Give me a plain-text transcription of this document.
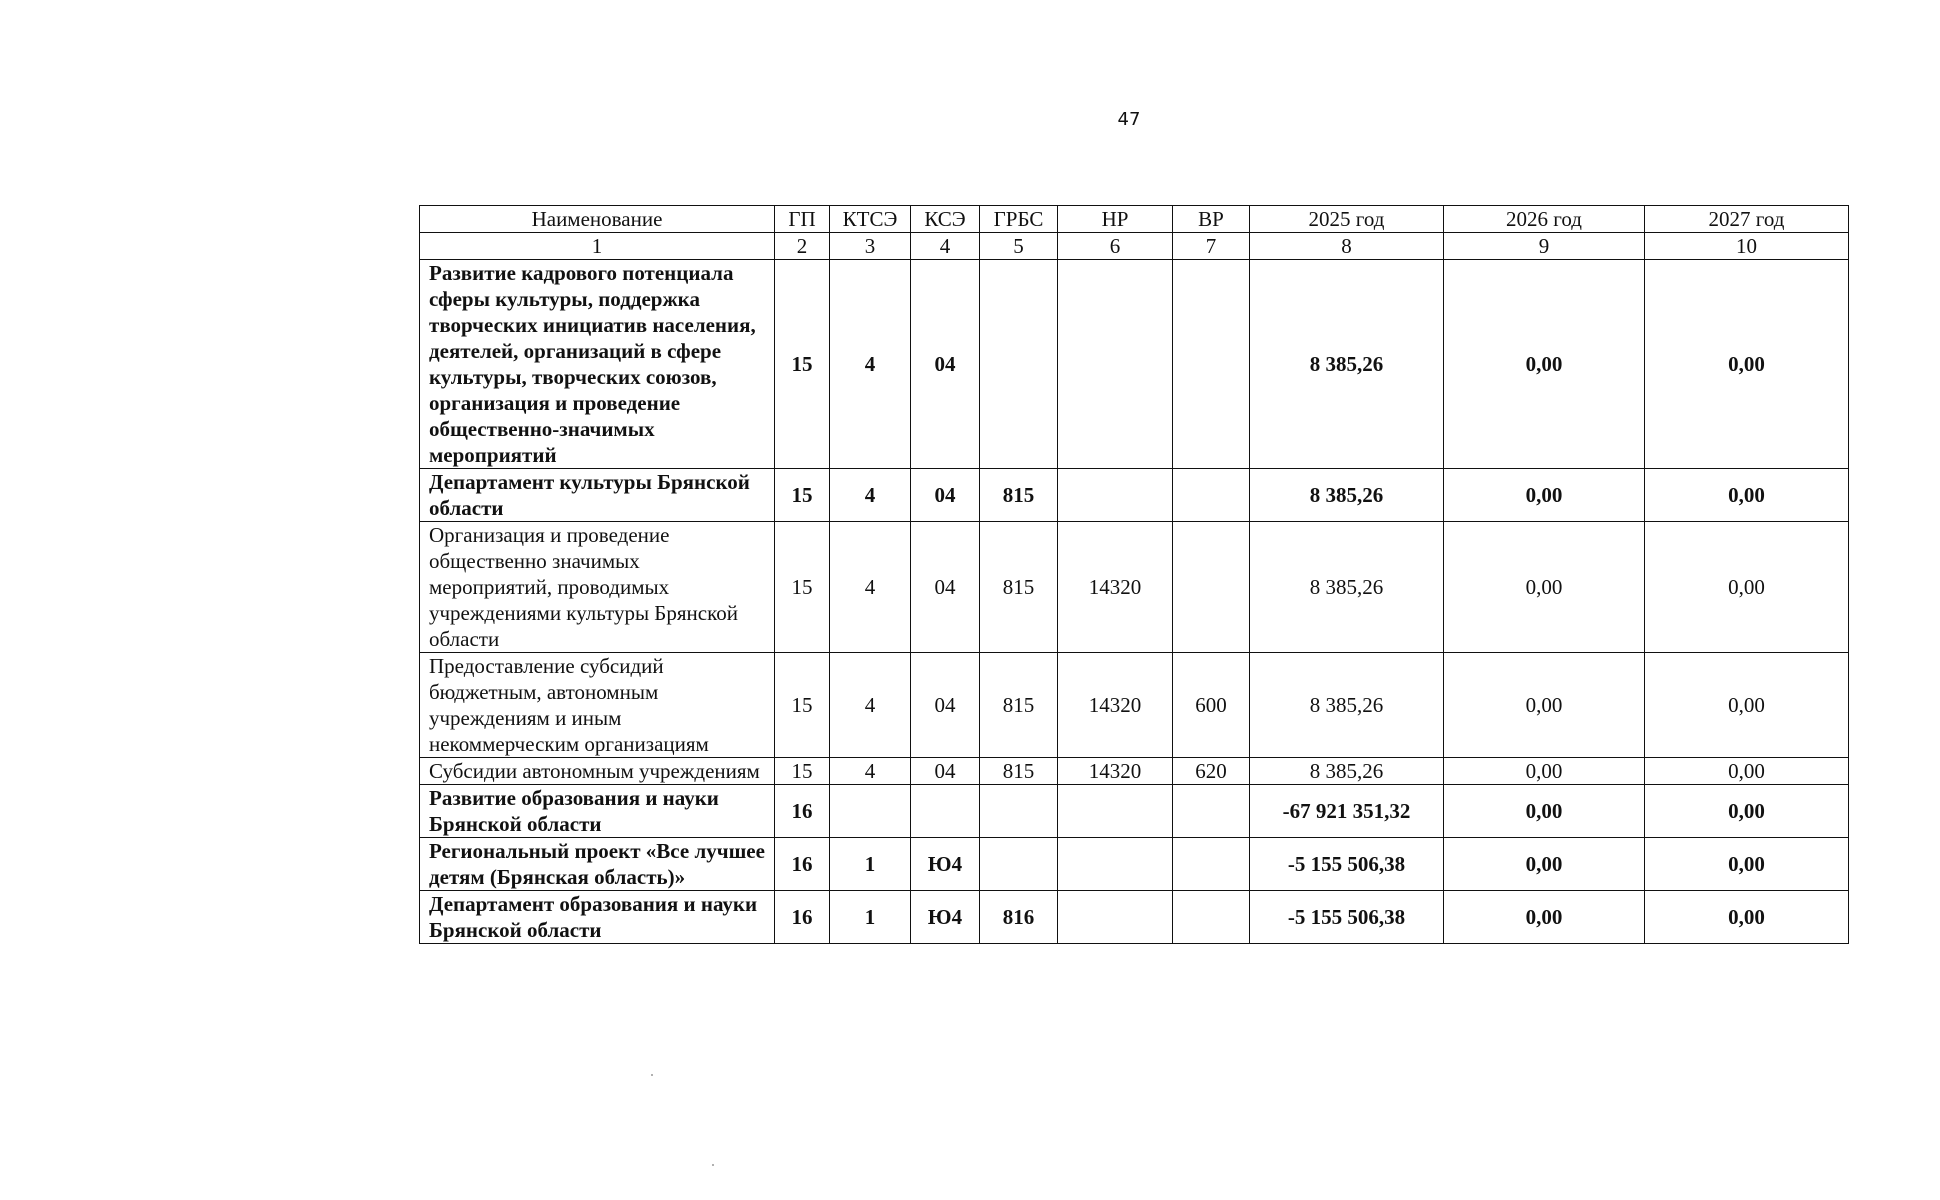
47
Наименование	ГП	КТСЭ	КСЭ	ГРБС	НР	ВР	2025 год	2026 год	2027 год
1	2	3	4	5	6	7	8	9	10
Развитие кадрового потенциала сферы культуры, поддержка творческих инициатив населения, деятелей, организаций в сфере культуры, творческих союзов, организация и проведение общественно-значимых мероприятий	15	4	04				8 385,26	0,00	0,00
Департамент культуры Брянской области	15	4	04	815			8 385,26	0,00	0,00
Организация и проведение общественно значимых мероприятий, проводимых учреждениями культуры Брянской области	15	4	04	815	14320		8 385,26	0,00	0,00
Предоставление субсидий бюджетным, автономным учреждениям и иным некоммерческим организациям	15	4	04	815	14320	600	8 385,26	0,00	0,00
Субсидии автономным учреждениям	15	4	04	815	14320	620	8 385,26	0,00	0,00
Развитие образования и науки Брянской области	16						-67 921 351,32	0,00	0,00
Региональный проект «Все лучшее детям (Брянская область)»	16	1	Ю4				-5 155 506,38	0,00	0,00
Департамент образования и науки Брянской области	16	1	Ю4	816			-5 155 506,38	0,00	0,00
